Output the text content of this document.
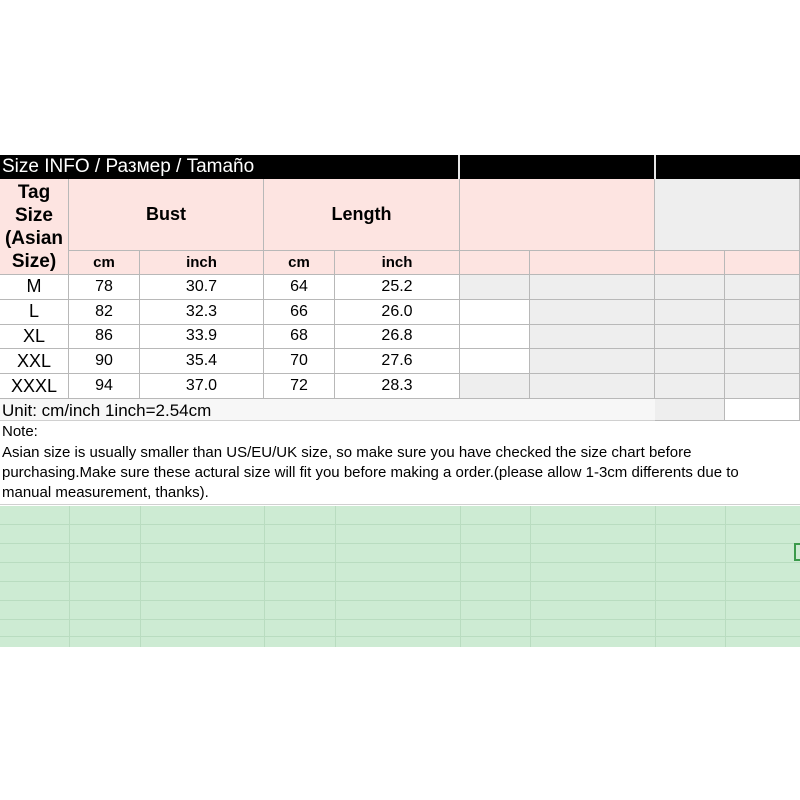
Size INFO / Размер / Tamaño
Tag Size (Asian Size)
Bust	Length
cm	inch	cm	inch
M	78	30.7	64	25.2
L	82	32.3	66	26.0
XL	86	33.9	68	26.8
XXL	90	35.4	70	27.6
XXXL	94	37.0	72	28.3
Unit: cm/inch 1inch=2.54cm
Note:
Asian size is usually smaller than US/EU/UK size, so make sure you have checked the size chart before
purchasing.Make sure these actural size will fit you before making a order.(please allow 1-3cm differents due to
manual measurement, thanks).
